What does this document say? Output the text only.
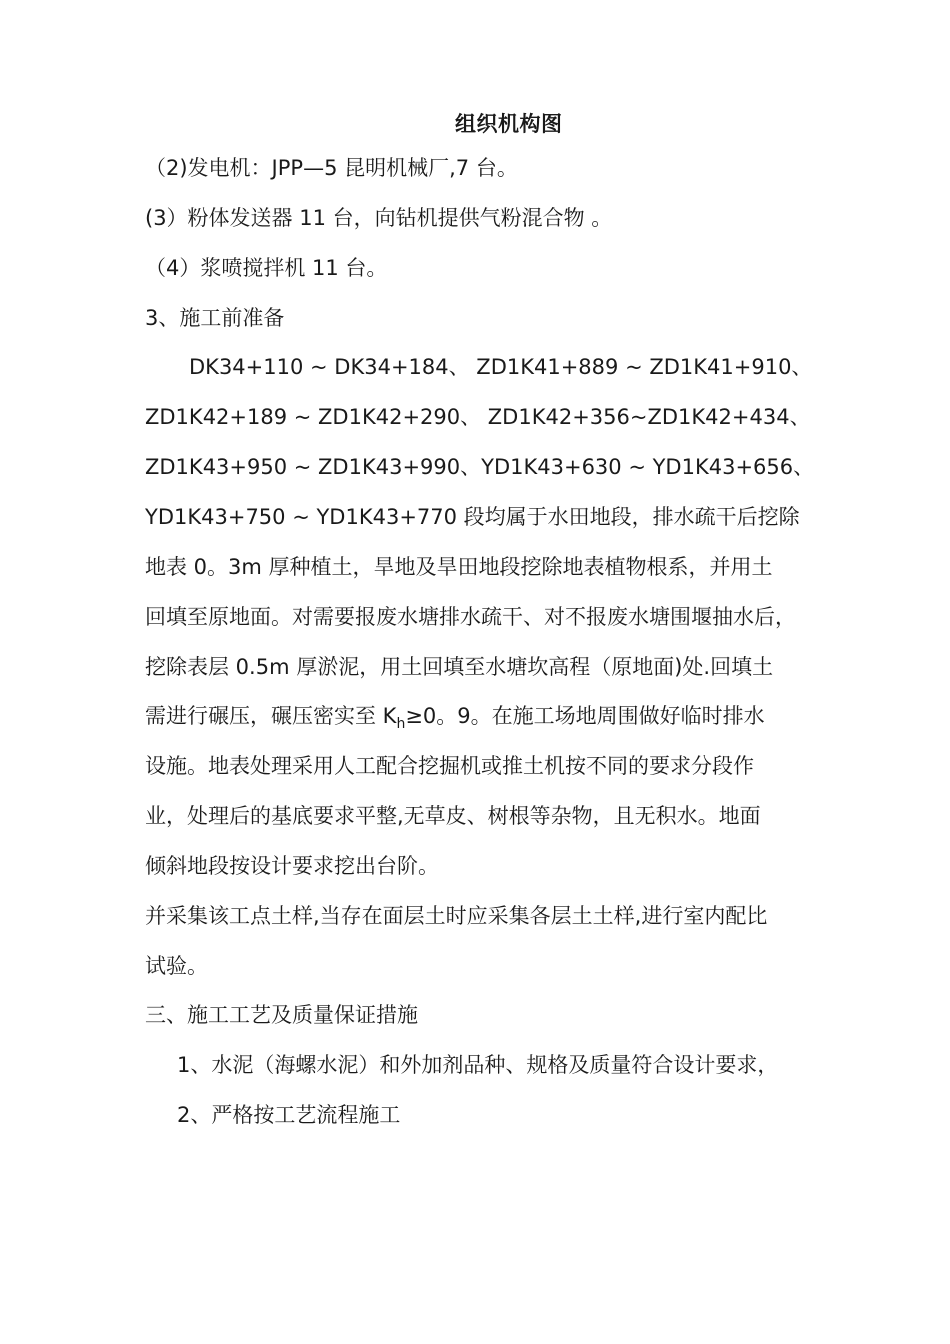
组织机构图
（2)发电机：JPP—5 昆明机械厂,7 台。
(3）粉体发送器 11 台，向钻机提供气粉混合物 。
（4）浆喷搅拌机 11 台。
3、施工前准备
DK34+110 ~ DK34+184、 ZD1K41+889 ~ ZD1K41+910、
ZD1K42+189 ~ ZD1K42+290、 ZD1K42+356~ZD1K42+434、
ZD1K43+950 ~ ZD1K43+990、YD1K43+630 ~ YD1K43+656、
YD1K43+750 ~ YD1K43+770 段均属于水田地段，排水疏干后挖除
地表 0。3m 厚种植土，旱地及旱田地段挖除地表植物根系，并用土
回填至原地面。对需要报废水塘排水疏干、对不报废水塘围堰抽水后，
挖除表层 0.5m 厚淤泥，用土回填至水塘坎高程（原地面)处.回填土
需进行碾压，碾压密实至 $K_h\ge 0$。9。在施工场地周围做好临时排水
设施。地表处理采用人工配合挖掘机或推土机按不同的要求分段作
业，处理后的基底要求平整,无草皮、树根等杂物，且无积水。地面
倾斜地段按设计要求挖出台阶。
并采集该工点土样,当存在面层土时应采集各层土土样,进行室内配比
试验。
三、施工工艺及质量保证措施
1、水泥（海螺水泥）和外加剂品种、规格及质量符合设计要求，
2、严格按工艺流程施工
